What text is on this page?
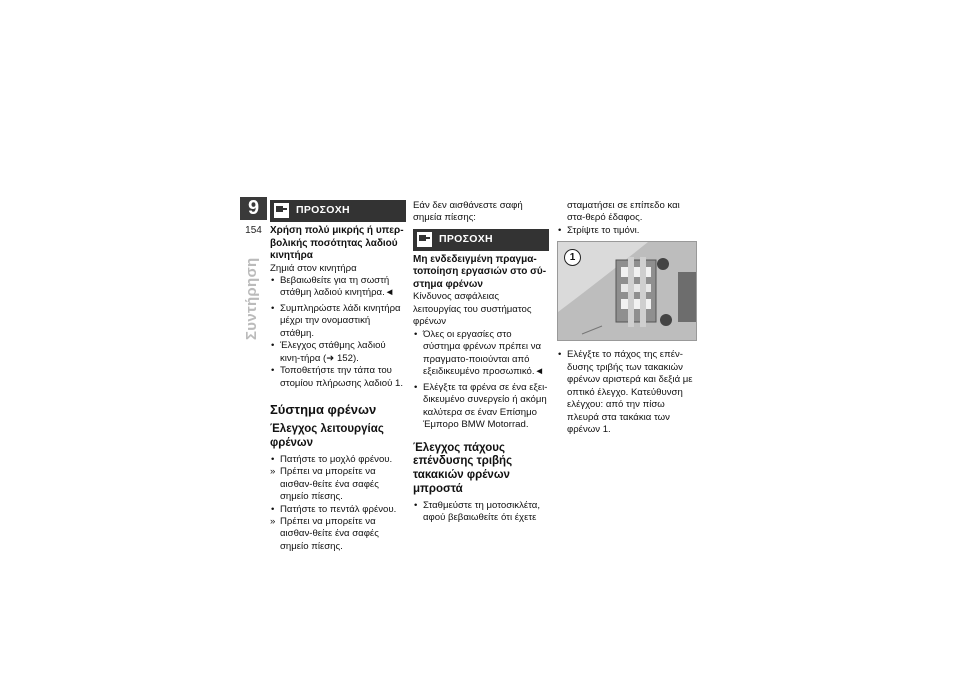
9
154
Συντήρηση
ΠΡΟΣΟΧΗ

Χρήση πολύ μικρής ή υπερ-βολικής ποσότητας λαδιού κινητήρα

Ζημιά στον κινητήρα

• Βεβαιωθείτε για τη σωστή στάθμη λαδιού κινητήρα.◄
• Συμπληρώστε λάδι κινητήρα μέχρι την ονομαστική στάθμη.
• Έλεγχος στάθμης λαδιού κινη-τήρα (➜ 152).
• Τοποθετήστε την τάπα του στομίου πλήρωσης λαδιού 1.
Σύστημα φρένων
Έλεγχος λειτουργίας φρένων
• Πατήστε το μοχλό φρένου.
» Πρέπει να μπορείτε να αισθαν-θείτε ένα σαφές σημείο πίεσης.
• Πατήστε το πεντάλ φρένου.
» Πρέπει να μπορείτε να αισθαν-θείτε ένα σαφές σημείο πίεσης.

Εάν δεν αισθάνεστε σαφή σημεία πίεσης:

ΠΡΟΣΟΧΗ

Μη ενδεδειγμένη πραγμα-τοποίηση εργασιών στο σύ-στημα φρένων

Κίνδυνος ασφάλειας λειτουργίας του συστήματος φρένων

• Όλες οι εργασίες στο σύστημα φρένων πρέπει να πραγματο-ποιούνται από εξειδικευμένο προσωπικό.◄
• Ελέγξτε τα φρένα σε ένα εξει-δικευμένο συνεργείο ή ακόμη καλύτερα σε έναν Επίσημο Έμπορο BMW Motorrad.
Έλεγχος πάχους επένδυσης τριβής τακακιών φρένων μπροστά
• Σταθμεύστε τη μοτοσικλέτα, αφού βεβαιωθείτε ότι έχετε

σταματήσει σε επίπεδο και στα-θερό έδαφος.

• Στρίψτε το τιμόνι.
1
• Ελέγξτε το πάχος της επέν-δυσης τριβής των τακακιών φρένων αριστερά και δεξιά με οπτικό έλεγχο. Κατεύθυνση ελέγχου: από την πίσω πλευρά στα τακάκια των φρένων 1.
